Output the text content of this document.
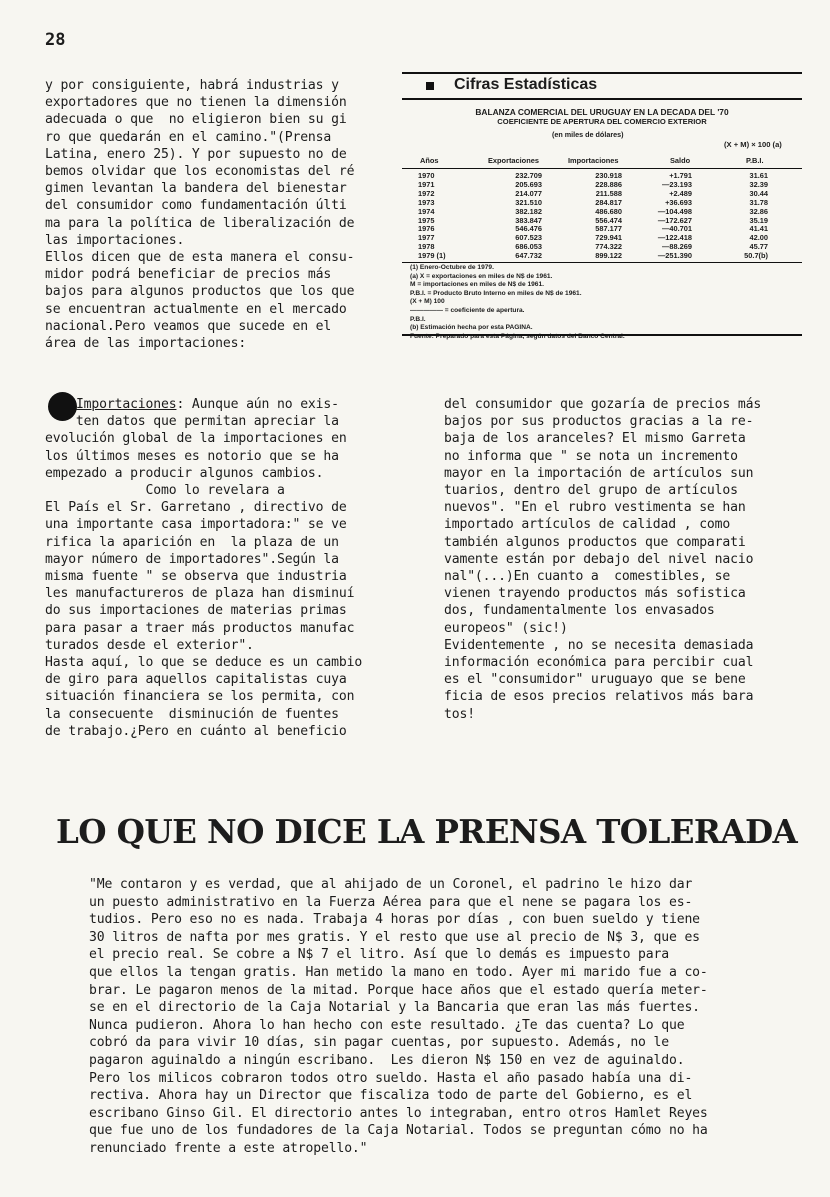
28
y por consiguiente, habrá industrias y
exportadores que no tienen la dimensión
adecuada o que  no eligieron bien su gi
ro que quedarán en el camino."(Prensa
Latina, enero 25). Y por supuesto no de
bemos olvidar que los economistas del ré
gimen levantan la bandera del bienestar
del consumidor como fundamentación últi
ma para la política de liberalización de
las importaciones.
Ellos dicen que de esta manera el consu-
midor podrá beneficiar de precios más
bajos para algunos productos que los que
se encuentran actualmente en el mercado
nacional.Pero veamos que sucede en el
área de las importaciones:
Cifras Estadísticas
BALANZA COMERCIAL DEL URUGUAY EN LA DECADA DEL '70
COEFICIENTE DE APERTURA DEL COMERCIO EXTERIOR
(en miles de dólares)
(X + M) × 100 (a)
Años	Exportaciones	Importaciones	Saldo	P.B.I.
1970	232.709	230.918	+1.791	31.61
1971	205.693	228.886	—23.193	32.39
1972	214.077	211.588	+2.489	30.44
1973	321.510	284.817	+36.693	31.78
1974	382.182	486.680	—104.498	32.86
1975	383.847	556.474	—172.627	35.19
1976	546.476	587.177	—40.701	41.41
1977	607.523	729.941	—122.418	42.00
1978	686.053	774.322	—88.269	45.77
1979 (1)	647.732	899.122	—251.390	50.7(b)
(1) Enero-Octubre de 1979.
(a) X = exportaciones en miles de N$ de 1961.
M = importaciones en miles de N$ de 1961.
P.B.I. = Producto Bruto Interno en miles de N$ de 1961.
(X + M) 100
————— = coeficiente de apertura.
P.B.I.
(b) Estimación hecha por esta PAGINA.
Fuente: Preparado para esta Página, según datos del Banco Central.
Importaciones: Aunque aún no exis-
ten datos que permitan apreciar la
evolución global de la importaciones en
los últimos meses es notorio que se ha
empezado a producir algunos cambios.
Como lo revelara a
El País el Sr. Garretano , directivo de
una importante casa importadora:" se ve
rifica la aparición en  la plaza de un
mayor número de importadores".Según la
misma fuente " se observa que industria
les manufactureros de plaza han disminuí
do sus importaciones de materias primas
para pasar a traer más productos manufac
turados desde el exterior".
Hasta aquí, lo que se deduce es un cambio
de giro para aquellos capitalistas cuya
situación financiera se los permita, con
la consecuente  disminución de fuentes
de trabajo.¿Pero en cuánto al beneficio
del consumidor que gozaría de precios más
bajos por sus productos gracias a la re-
baja de los aranceles? El mismo Garreta
no informa que " se nota un incremento
mayor en la importación de artículos sun
tuarios, dentro del grupo de artículos
nuevos". "En el rubro vestimenta se han
importado artículos de calidad , como
también algunos productos que comparati
vamente están por debajo del nivel nacio
nal"(...)En cuanto a  comestibles, se
vienen trayendo productos más sofistica
dos, fundamentalmente los envasados
europeos" (sic!)
Evidentemente , no se necesita demasiada
información económica para percibir cual
es el "consumidor" uruguayo que se bene
ficia de esos precios relativos más bara
tos!
LO QUE NO DICE LA PRENSA TOLERADA
"Me contaron y es verdad, que al ahijado de un Coronel, el padrino le hizo dar
un puesto administrativo en la Fuerza Aérea para que el nene se pagara los es-
tudios. Pero eso no es nada. Trabaja 4 horas por días , con buen sueldo y tiene
30 litros de nafta por mes gratis. Y el resto que use al precio de N$ 3, que es
el precio real. Se cobre a N$ 7 el litro. Así que lo demás es impuesto para
que ellos la tengan gratis. Han metido la mano en todo. Ayer mi marido fue a co-
brar. Le pagaron menos de la mitad. Porque hace años que el estado quería meter-
se en el directorio de la Caja Notarial y la Bancaria que eran las más fuertes.
Nunca pudieron. Ahora lo han hecho con este resultado. ¿Te das cuenta? Lo que
cobró da para vivir 10 días, sin pagar cuentas, por supuesto. Además, no le
pagaron aguinaldo a ningún escribano.  Les dieron N$ 150 en vez de aguinaldo.
Pero los milicos cobraron todos otro sueldo. Hasta el año pasado había una di-
rectiva. Ahora hay un Director que fiscaliza todo de parte del Gobierno, es el
escribano Ginso Gil. El directorio antes lo integraban, entro otros Hamlet Reyes
que fue uno de los fundadores de la Caja Notarial. Todos se preguntan cómo no ha
renunciado frente a este atropello."
